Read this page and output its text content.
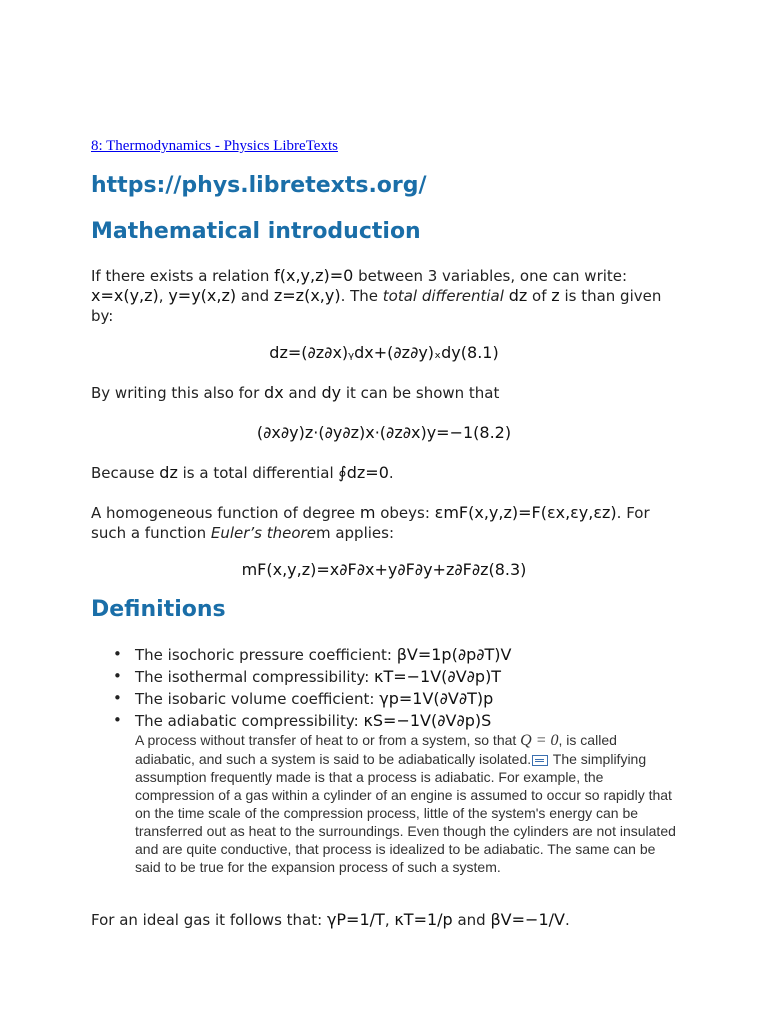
8: Thermodynamics - Physics LibreTexts
https://phys.libretexts.org/
Mathematical introduction

If there exists a relation f(x,y,z)=0 between 3 variables, one can write: x=x(y,z), y=y(x,z) and z=z(x,y). The total differential dz of z is than given by:

dz=(∂z∂x)ᵧdx+(∂z∂y)ₓdy(8.1)

By writing this also for dx and dy it can be shown that

(∂x∂y)z·(∂y∂z)x·(∂z∂x)y=−1(8.2)

Because dz is a total differential ∮dz=0.

A homogeneous function of degree m obeys: εmF(x,y,z)=F(εx,εy,εz). For such a function Euler’s theorem applies:

mF(x,y,z)=x∂F∂x+y∂F∂y+z∂F∂z(8.3)
Definitions
• The isochoric pressure coefficient: βV=1p(∂p∂T)V
• The isothermal compressibility: κT=−1V(∂V∂p)T
• The isobaric volume coefficient: γp=1V(∂V∂T)p
• The adiabatic compressibility: κS=−1V(∂V∂p)S

A process without transfer of heat to or from a system, so that Q = 0, is called adiabatic, and such a system is said to be adiabatically isolated. The simplifying assumption frequently made is that a process is adiabatic. For example, the compression of a gas within a cylinder of an engine is assumed to occur so rapidly that on the time scale of the compression process, little of the system's energy can be transferred out as heat to the surroundings. Even though the cylinders are not insulated and are quite conductive, that process is idealized to be adiabatic. The same can be said to be true for the expansion process of such a system.

For an ideal gas it follows that: γP=1/T, κT=1/p and βV=−1/V.
